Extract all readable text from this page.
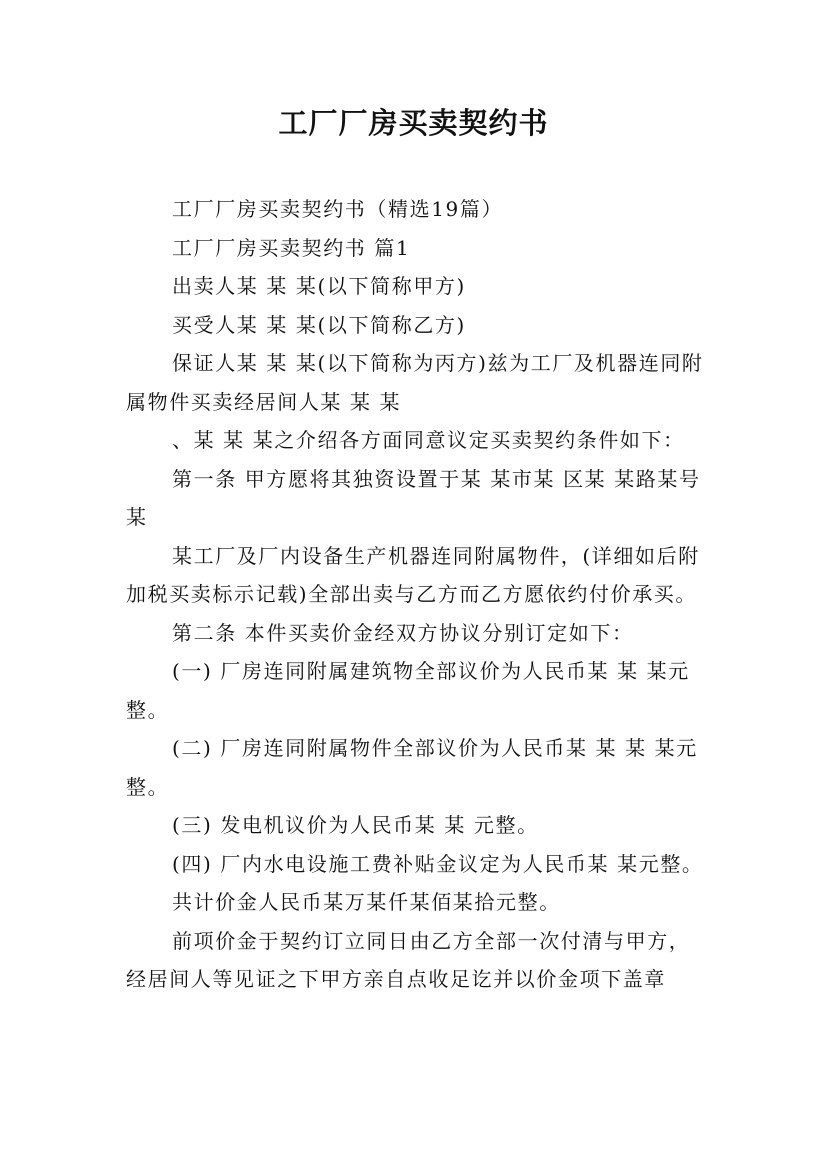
工厂厂房买卖契约书

工厂厂房买卖契约书（精选19篇）

工厂厂房买卖契约书 篇1

出卖人某 某 某(以下简称甲方)

买受人某 某 某(以下简称乙方)

保证人某 某 某(以下简称为丙方)兹为工厂及机器连同附属物件买卖经居间人某 某 某

、某 某 某之介绍各方面同意议定买卖契约条件如下：

第一条 甲方愿将其独资设置于某 某市某 区某 某路某号某

某工厂及厂内设备生产机器连同附属物件，(详细如后附加税买卖标示记载)全部出卖与乙方而乙方愿依约付价承买。

第二条 本件买卖价金经双方协议分别订定如下：

(一) 厂房连同附属建筑物全部议价为人民币某 某 某元整。

(二) 厂房连同附属物件全部议价为人民币某 某 某 某元整。

(三) 发电机议价为人民币某 某 元整。

(四) 厂内水电设施工费补贴金议定为人民币某 某元整。

共计价金人民币某万某仟某佰某拾元整。

前项价金于契约订立同日由乙方全部一次付清与甲方，经居间人等见证之下甲方亲自点收足讫并以价金项下盖章
